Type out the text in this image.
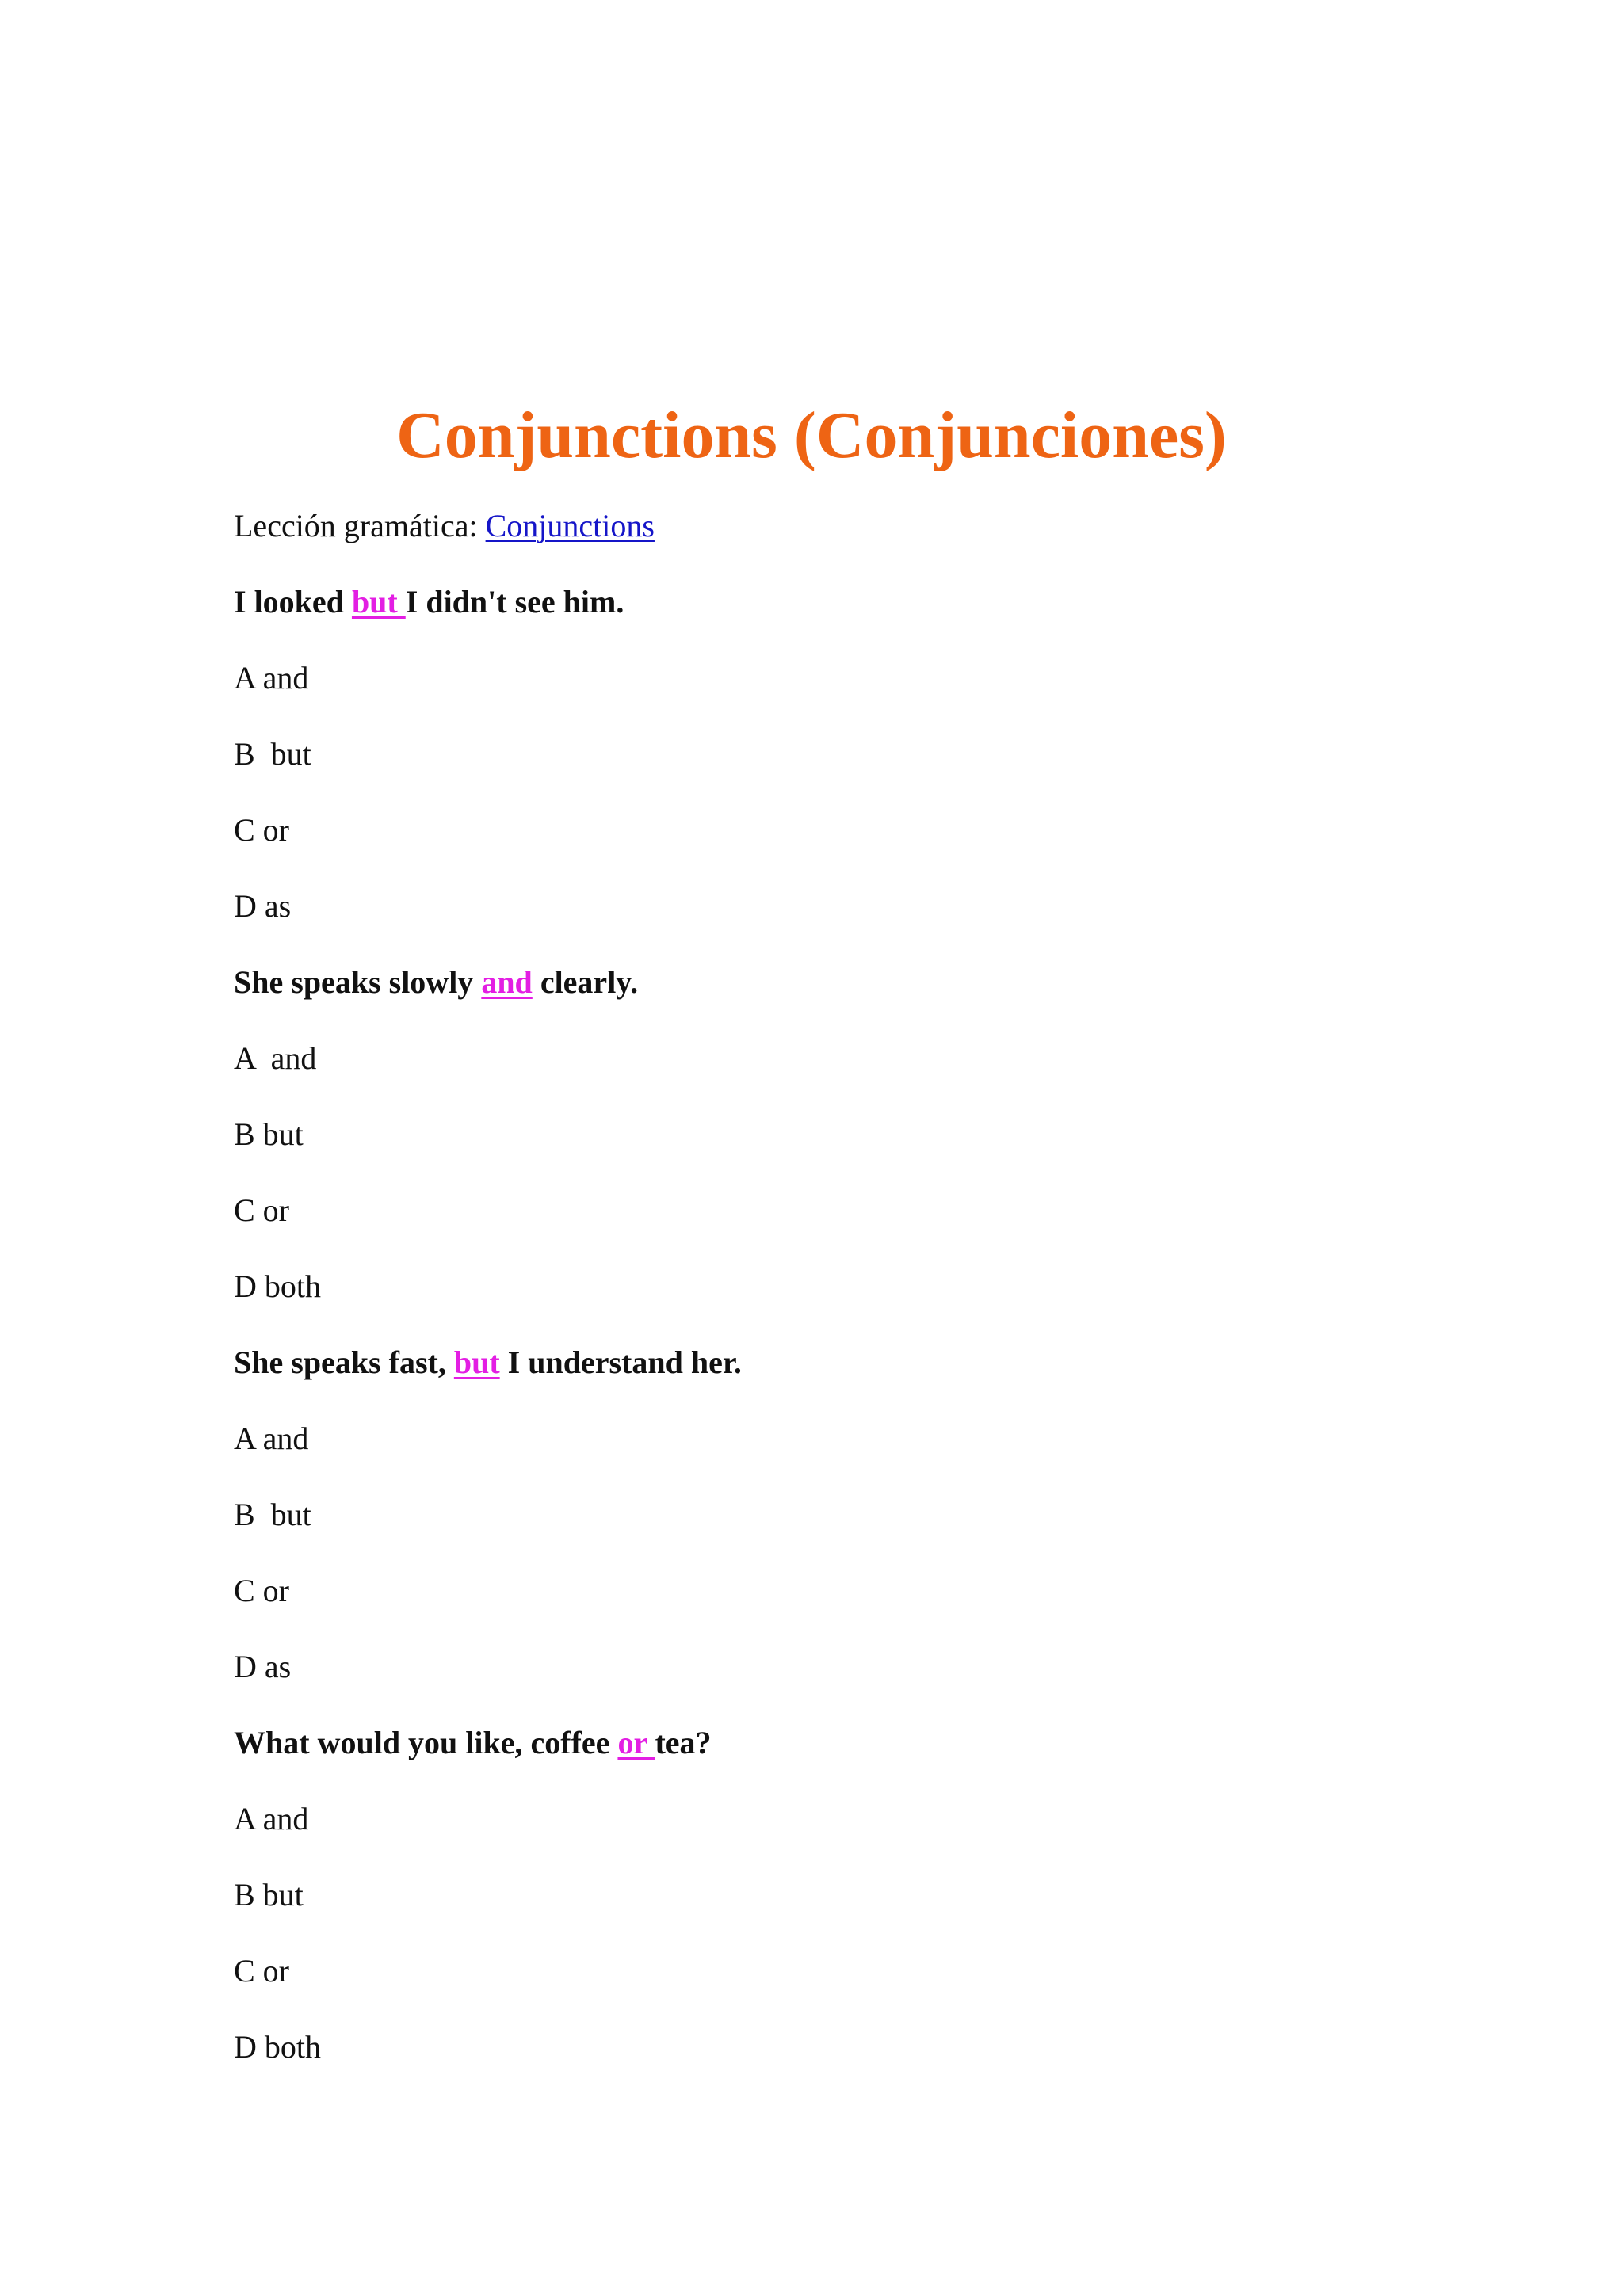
Conjunctions (Conjunciones)
Lección gramática: Conjunctions
I looked but I didn't see him.
A and
B  but
C or
D as
She speaks slowly and clearly.
A  and
B but
C or
D both
She speaks fast, but I understand her.
A and
B  but
C or
D as
What would you like, coffee or tea?
A and
B but
C or
D both
